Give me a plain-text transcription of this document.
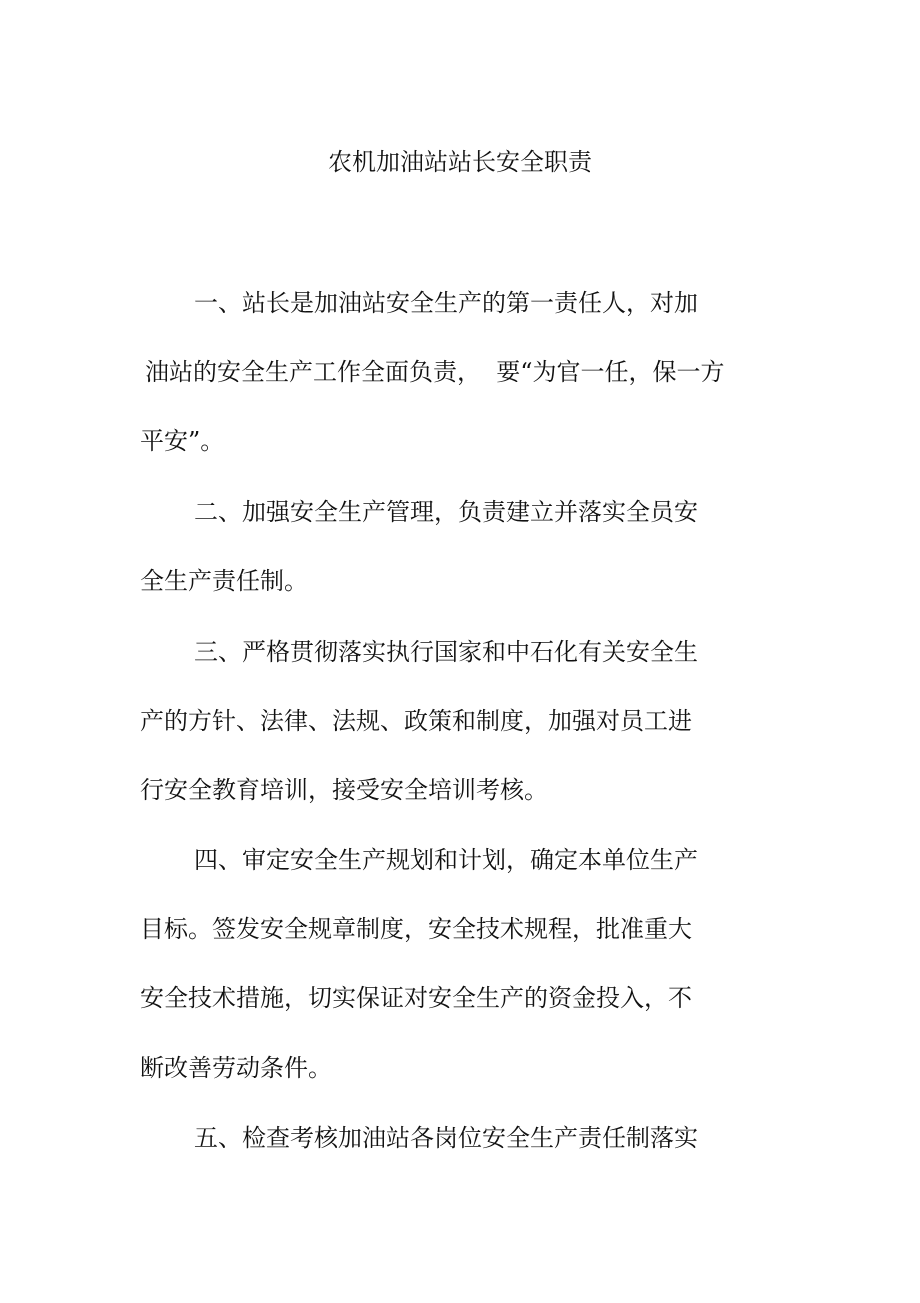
农机加油站站长安全职责
一、站长是加油站安全生产的第一责任人，对加
油站的安全生产工作全面负责，  要“为官一任，保一方
平安”。
二、加强安全生产管理，负责建立并落实全员安
全生产责任制。
三、严格贯彻落实执行国家和中石化有关安全生
产的方针、法律、法规、政策和制度，加强对员工进
行安全教育培训，接受安全培训考核。
四、审定安全生产规划和计划，确定本单位生产
目标。签发安全规章制度，安全技术规程，批准重大
安全技术措施，切实保证对安全生产的资金投入，不
断改善劳动条件。
五、检查考核加油站各岗位安全生产责任制落实
